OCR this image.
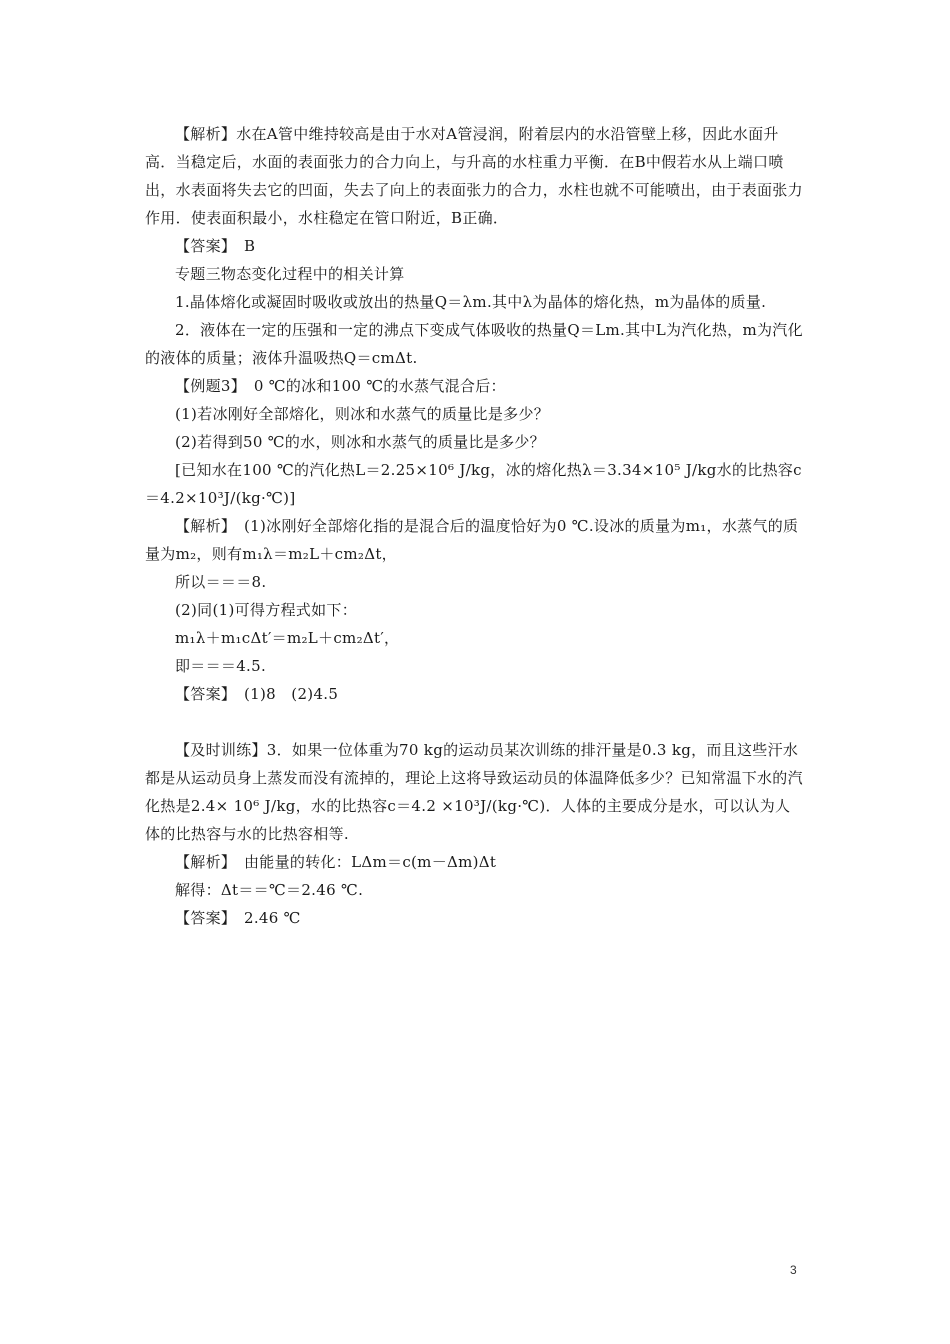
【解析】水在A管中维持较高是由于水对A管浸润，附着层内的水沿管壁上移，因此水面升高．当稳定后，水面的表面张力的合力向上，与升高的水柱重力平衡．在B中假若水从上端口喷出，水表面将失去它的凹面，失去了向上的表面张力的合力，水柱也就不可能喷出，由于表面张力作用．使表面积最小，水柱稳定在管口附近，B正确．

【答案】　B

专题三物态变化过程中的相关计算

1.晶体熔化或凝固时吸收或放出的热量Q＝λm.其中λ为晶体的熔化热，m为晶体的质量.

2．液体在一定的压强和一定的沸点下变成气体吸收的热量Q＝Lm.其中L为汽化热，m为汽化的液体的质量；液体升温吸热Q＝cmΔt.

【例题3】　0 ℃的冰和100 ℃的水蒸气混合后：

(1)若冰刚好全部熔化，则冰和水蒸气的质量比是多少？

(2)若得到50 ℃的水，则冰和水蒸气的质量比是多少？

[已知水在100 ℃的汽化热L＝2.25×10⁶ J/kg，冰的熔化热λ＝3.34×10⁵ J/kg水的比热容c＝4.2×10³J/(kg·℃)]

【解析】　(1)冰刚好全部熔化指的是混合后的温度恰好为0 ℃.设冰的质量为m₁，水蒸气的质量为m₂，则有m₁λ＝m₂L＋cm₂Δt，

所以＝＝＝8.

(2)同(1)可得方程式如下：

m₁λ＋m₁cΔt′＝m₂L＋cm₂Δt′，

即＝＝＝4.5.

【答案】　(1)8　(2)4.5

【及时训练】3．如果一位体重为70 kg的运动员某次训练的排汗量是0.3 kg，而且这些汗水都是从运动员身上蒸发而没有流掉的，理论上这将导致运动员的体温降低多少？已知常温下水的汽化热是2.4× 10⁶ J/kg，水的比热容c＝4.2 ×10³J/(kg·℃)．人体的主要成分是水，可以认为人体的比热容与水的比热容相等.

【解析】　由能量的转化：LΔm＝c(m－Δm)Δt

解得：Δt＝＝℃＝2.46 ℃.

【答案】　2.46 ℃

3
